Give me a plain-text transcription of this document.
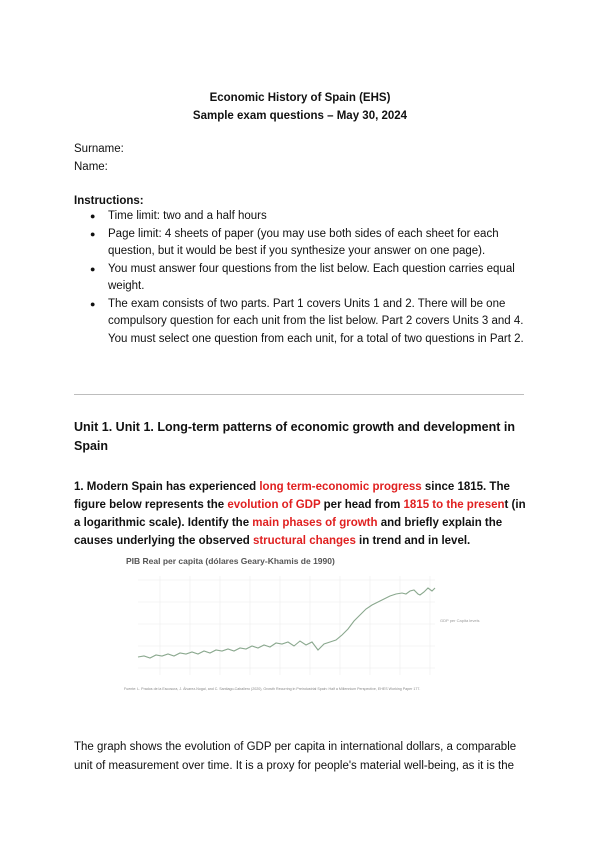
Economic History of Spain (EHS)
Sample exam questions – May 30, 2024
Surname:
Name:
Instructions:
● Time limit: two and a half hours
● Page limit: 4 sheets of paper (you may use both sides of each sheet for each question, but it would be best if you synthesize your answer on one page).
● You must answer four questions from the list below. Each question carries equal weight.
● The exam consists of two parts. Part 1 covers Units 1 and 2. There will be one compulsory question for each unit from the list below. Part 2 covers Units 3 and 4. You must select one question from each unit, for a total of two questions in Part 2.
Unit 1. Unit 1. Long-term patterns of economic growth and development in Spain
1. Modern Spain has experienced long term-economic progress since 1815. The figure below represents the evolution of GDP per head from 1815 to the present (in a logarithmic scale). Identify the main phases of growth and briefly explain the causes underlying the observed structural changes in trend and in level.
PIB Real per capita (dólares Geary-Khamis de 1990)
GDP per Capita levels
Fuente: L. Prados de la Escosura, J. Álvarez-Nogal, and C. Santiago-Caballero (2020), Growth Recurring in Preindustrial Spain: Half a Millennium Perspective, EHES Working Paper 177.
The graph shows the evolution of GDP per capita in international dollars, a comparable unit of measurement over time. It is a proxy for people's material well-being, as it is the
